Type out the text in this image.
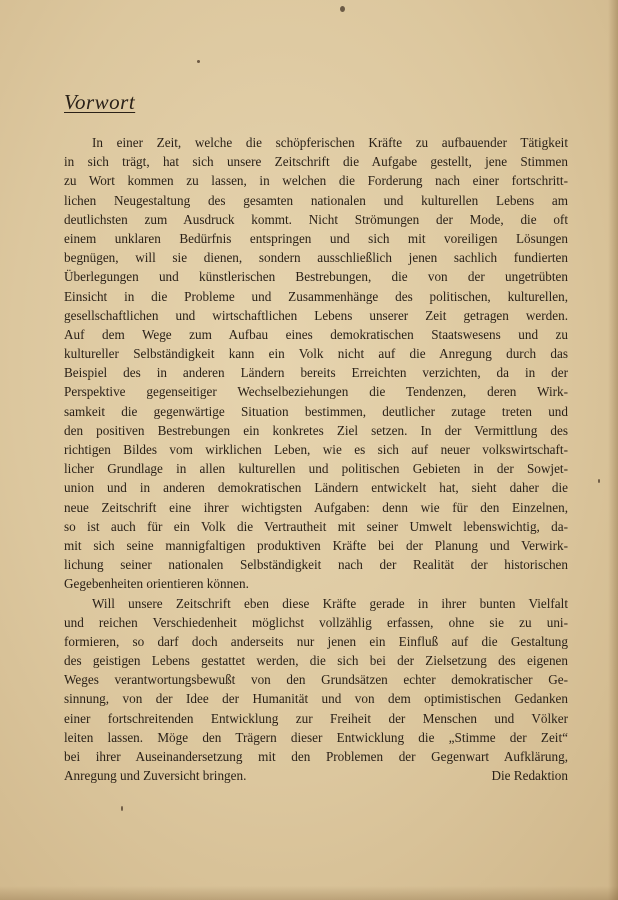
Vorwort
In einer Zeit, welche die schöpferischen Kräfte zu aufbauender Tätigkeit
in sich trägt, hat sich unsere Zeitschrift die Aufgabe gestellt, jene Stimmen
zu Wort kommen zu lassen, in welchen die Forderung nach einer fortschritt-
lichen Neugestaltung des gesamten nationalen und kulturellen Lebens am
deutlichsten zum Ausdruck kommt. Nicht Strömungen der Mode, die oft
einem unklaren Bedürfnis entspringen und sich mit voreiligen Lösungen
begnügen, will sie dienen, sondern ausschließlich jenen sachlich fundierten
Überlegungen und künstlerischen Bestrebungen, die von der ungetrübten
Einsicht in die Probleme und Zusammenhänge des politischen, kulturellen,
gesellschaftlichen und wirtschaftlichen Lebens unserer Zeit getragen werden.
Auf dem Wege zum Aufbau eines demokratischen Staatswesens und zu
kultureller Selbständigkeit kann ein Volk nicht auf die Anregung durch das
Beispiel des in anderen Ländern bereits Erreichten verzichten, da in der
Perspektive gegenseitiger Wechselbeziehungen die Tendenzen, deren Wirk-
samkeit die gegenwärtige Situation bestimmen, deutlicher zutage treten und
den positiven Bestrebungen ein konkretes Ziel setzen. In der Vermittlung des
richtigen Bildes vom wirklichen Leben, wie es sich auf neuer volkswirtschaft-
licher Grundlage in allen kulturellen und politischen Gebieten in der Sowjet-
union und in anderen demokratischen Ländern entwickelt hat, sieht daher die
neue Zeitschrift eine ihrer wichtigsten Aufgaben: denn wie für den Einzelnen,
so ist auch für ein Volk die Vertrautheit mit seiner Umwelt lebenswichtig, da-
mit sich seine mannigfaltigen produktiven Kräfte bei der Planung und Verwirk-
lichung seiner nationalen Selbständigkeit nach der Realität der historischen
Gegebenheiten orientieren können.
Will unsere Zeitschrift eben diese Kräfte gerade in ihrer bunten Vielfalt
und reichen Verschiedenheit möglichst vollzählig erfassen, ohne sie zu uni-
formieren, so darf doch anderseits nur jenen ein Einfluß auf die Gestaltung
des geistigen Lebens gestattet werden, die sich bei der Zielsetzung des eigenen
Weges verantwortungsbewußt von den Grundsätzen echter demokratischer Ge-
sinnung, von der Idee der Humanität und von dem optimistischen Gedanken
einer fortschreitenden Entwicklung zur Freiheit der Menschen und Völker
leiten lassen. Möge den Trägern dieser Entwicklung die „Stimme der Zeit“
bei ihrer Auseinandersetzung mit den Problemen der Gegenwart Aufklärung,
Anregung und Zuversicht bringen.	Die Redaktion
